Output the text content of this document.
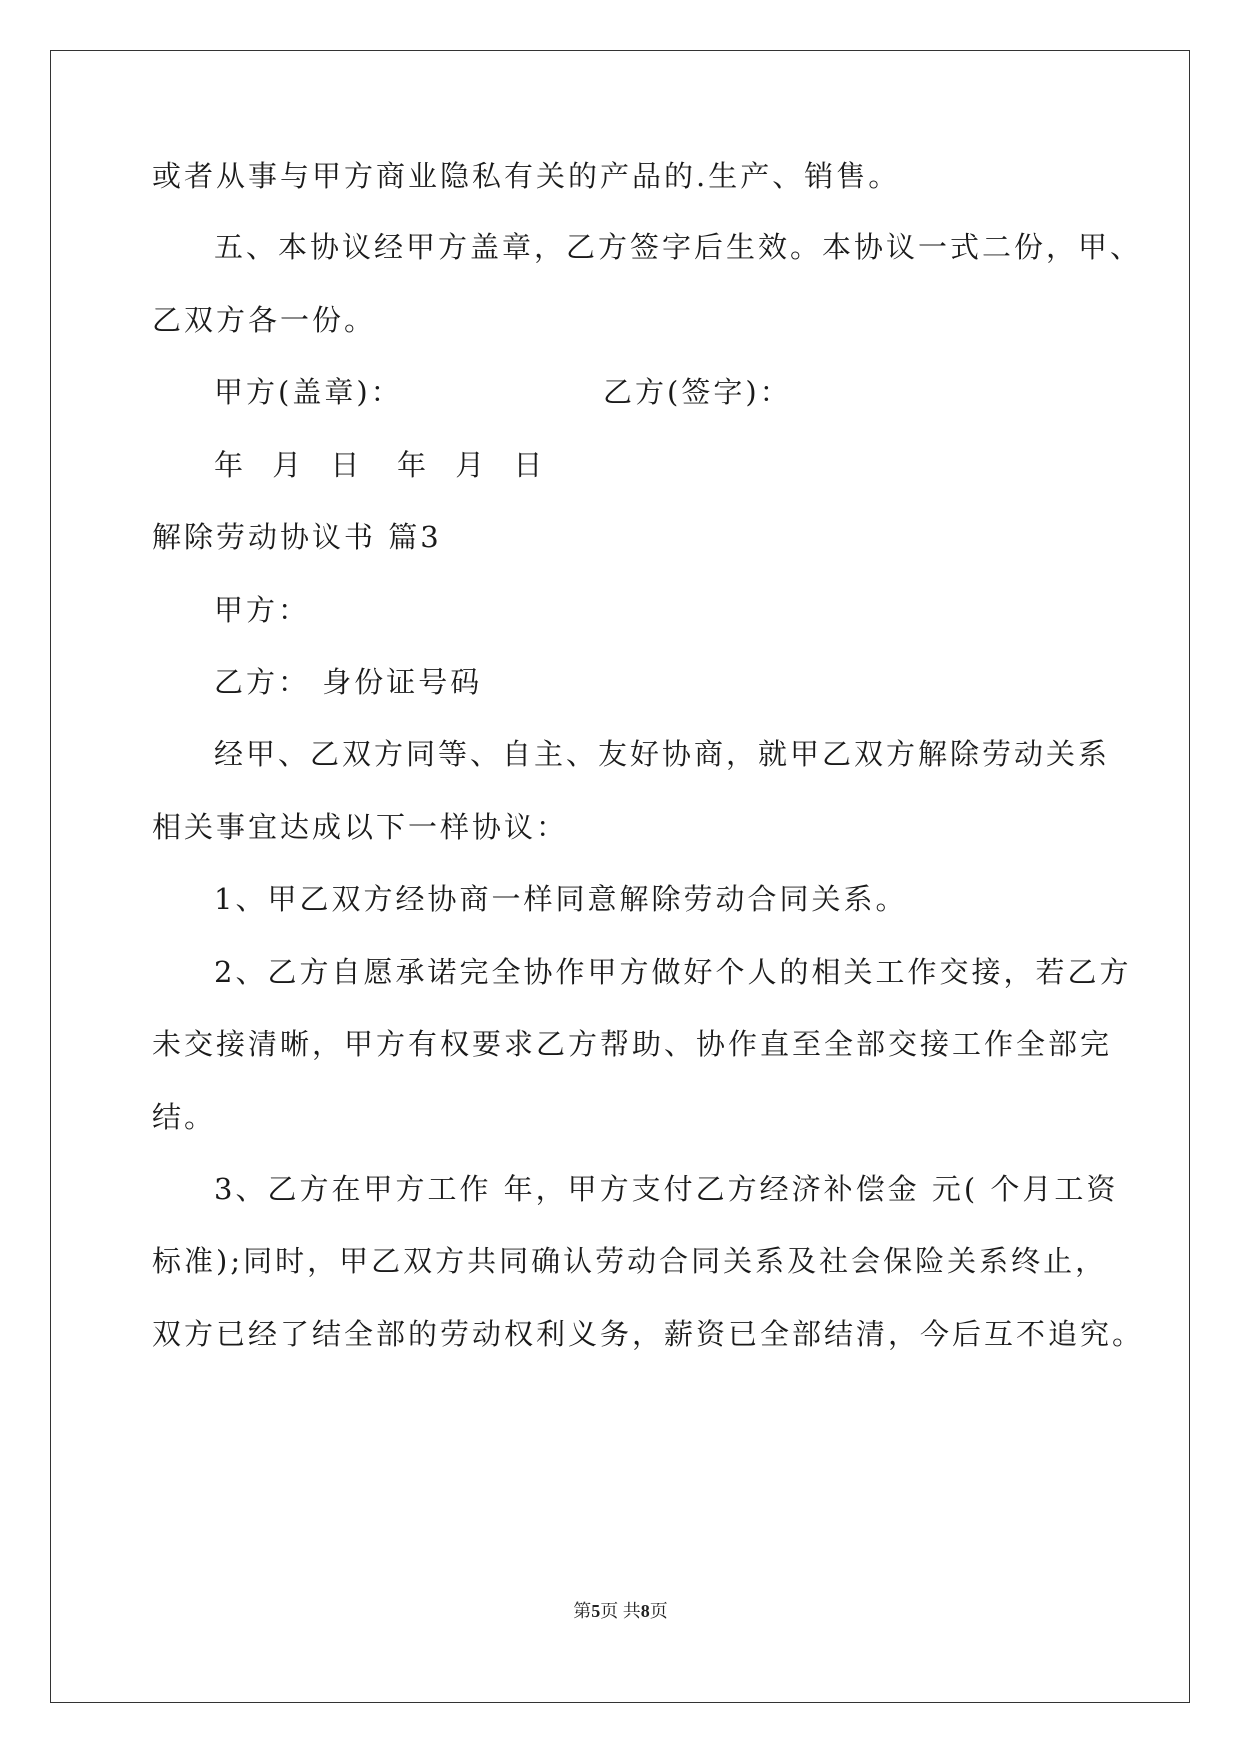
或者从事与甲方商业隐私有关的产品的.生产、销售。
五、本协议经甲方盖章，乙方签字后生效。本协议一式二份，甲、
乙双方各一份。
甲方(盖章)：	乙方(签字)：
年 月 日 年 月 日
解除劳动协议书 篇3
甲方：
乙方： 身份证号码
经甲、乙双方同等、自主、友好协商，就甲乙双方解除劳动关系
相关事宜达成以下一样协议：
1、甲乙双方经协商一样同意解除劳动合同关系。
2、乙方自愿承诺完全协作甲方做好个人的相关工作交接，若乙方
未交接清晰，甲方有权要求乙方帮助、协作直至全部交接工作全部完
结。
3、乙方在甲方工作 年，甲方支付乙方经济补偿金 元( 个月工资
标准);同时，甲乙双方共同确认劳动合同关系及社会保险关系终止，
双方已经了结全部的劳动权利义务，薪资已全部结清，今后互不追究。
第5页 共8页
